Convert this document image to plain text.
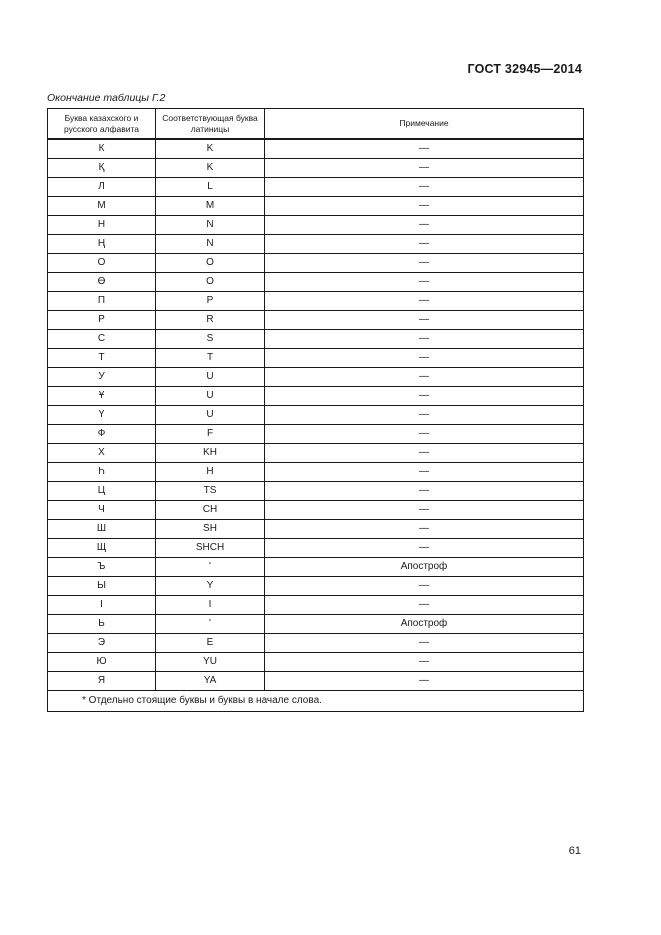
ГОСТ 32945—2014
Окончание таблицы Г.2
Буква казахского и русского алфавита	Соответствующая буква латиницы	Примечание
К	K	—
Қ	K	—
Л	L	—
М	M	—
Н	N	—
Ң	N	—
О	O	—
Ө	O	—
П	P	—
Р	R	—
С	S	—
Т	T	—
У	U	—
Ұ	U	—
Ү	U	—
Ф	F	—
Х	KH	—
Һ	H	—
Ц	TS	—
Ч	CH	—
Ш	SH	—
Щ	SHCH	—
Ъ	'	Апостроф
Ы	Y	—
І	I	—
Ь	'	Апостроф
Э	E	—
Ю	YU	—
Я	YA	—
* Отдельно стоящие буквы и буквы в начале слова.		
61
